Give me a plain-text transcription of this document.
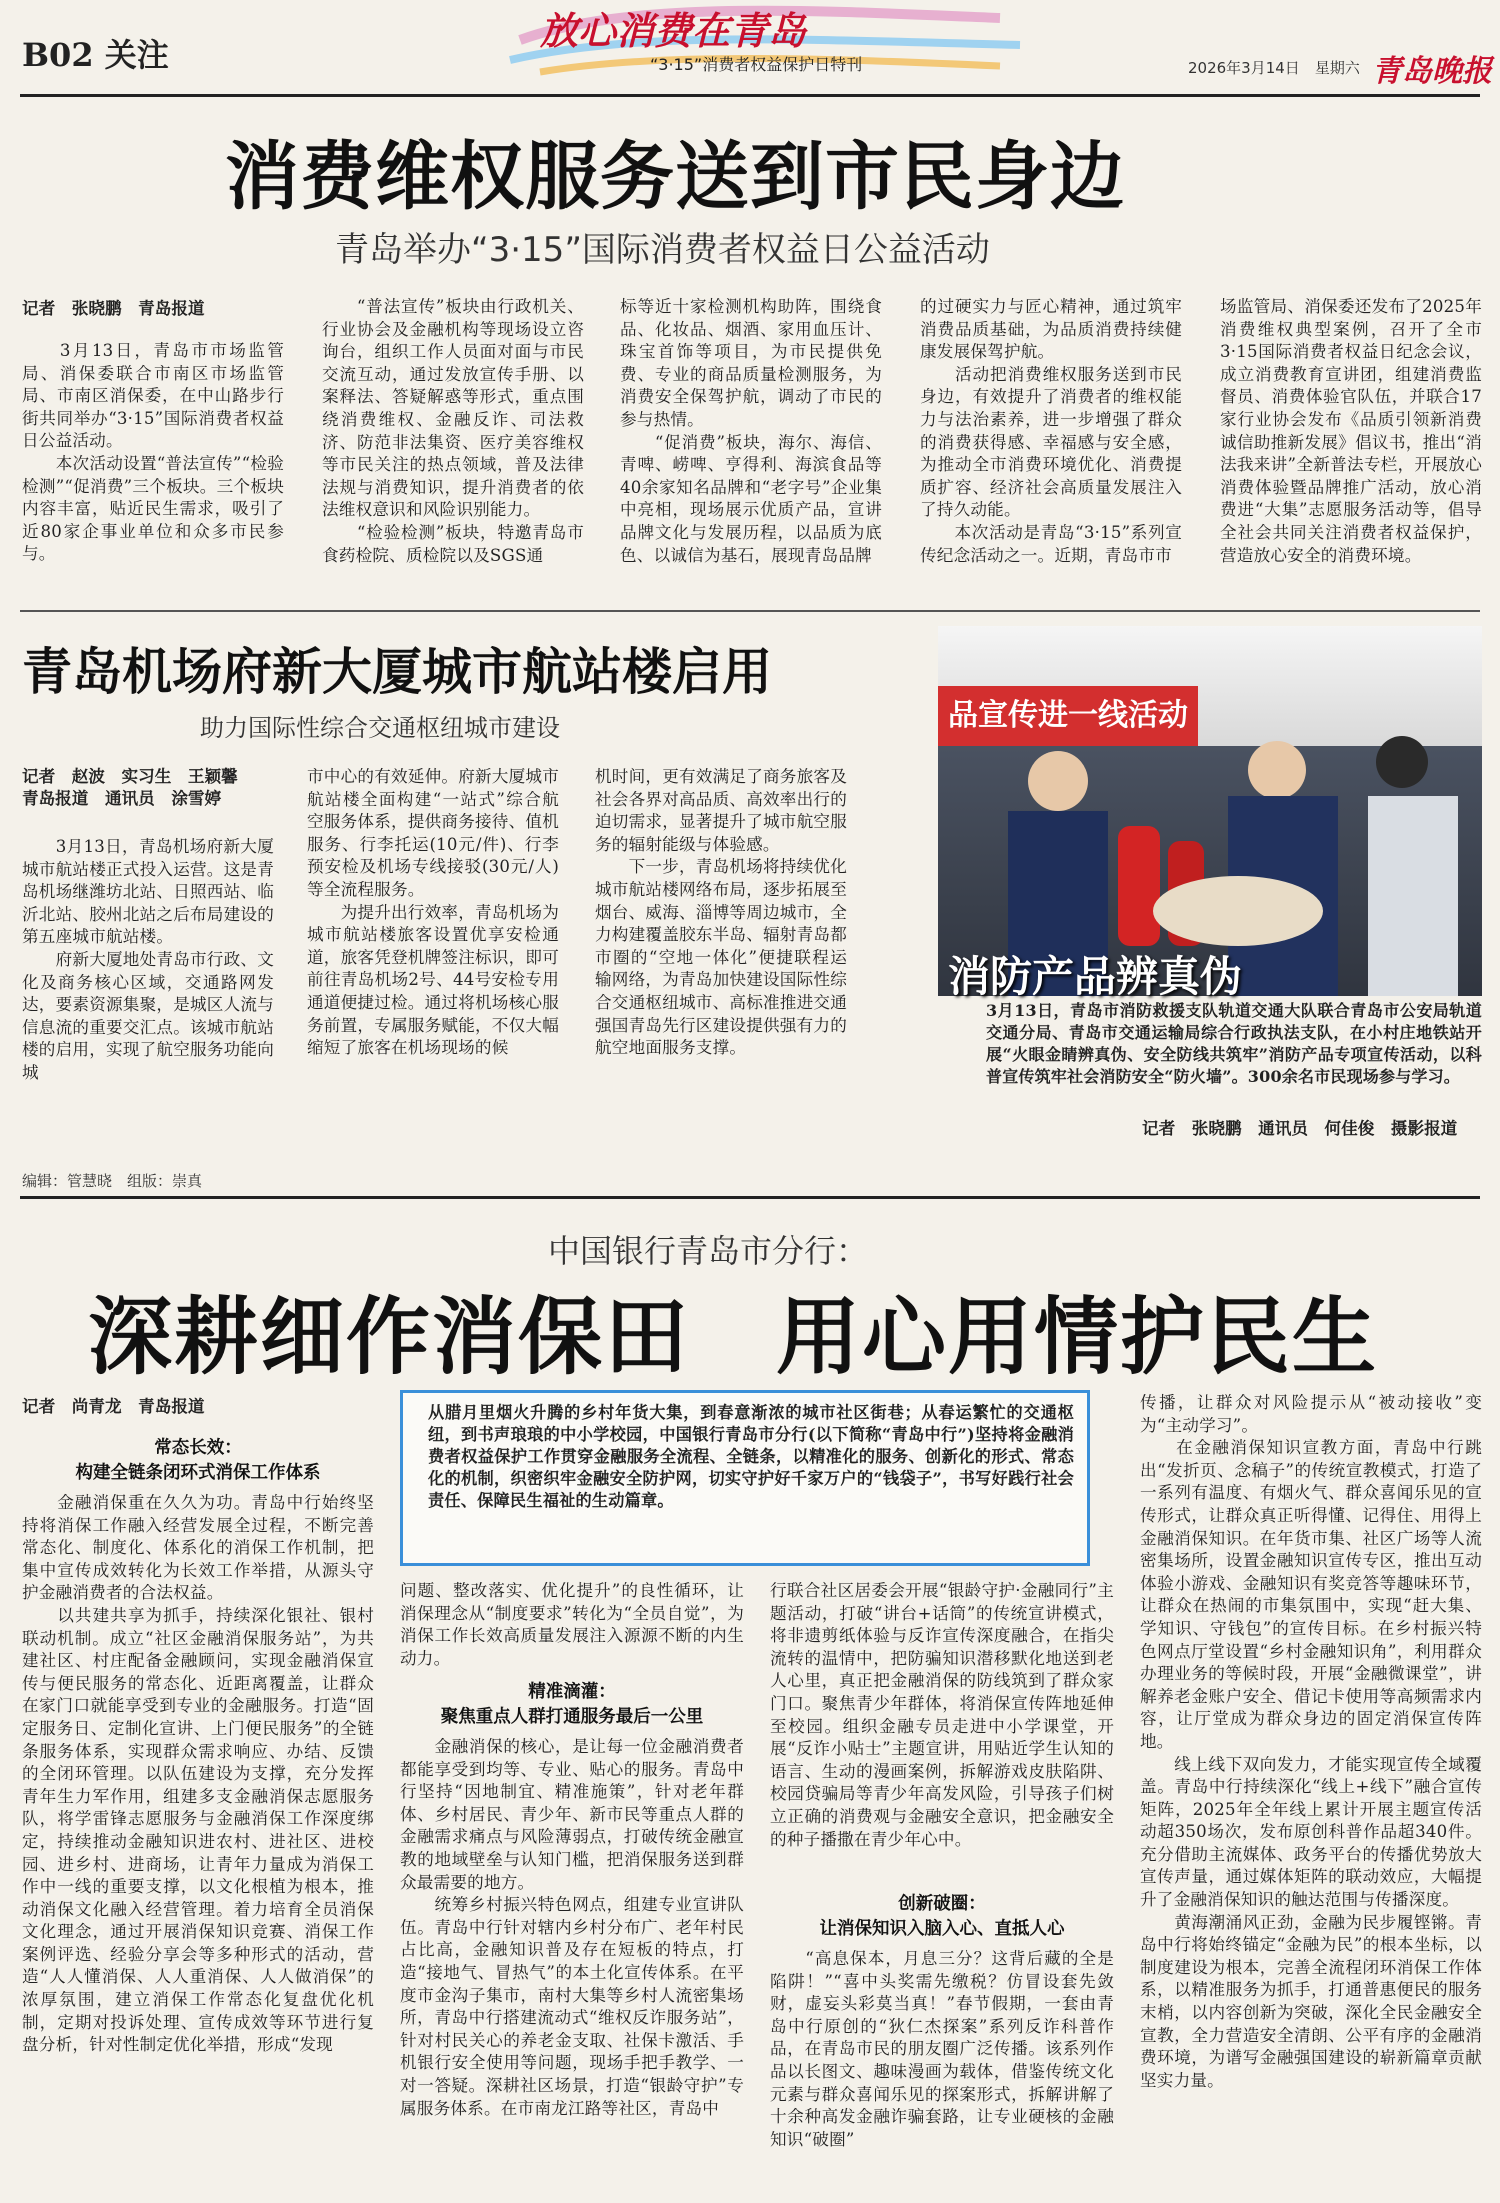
B02 关注
放心消费在青岛
“3·15”消费者权益保护日特刊	2026年3月14日　 星期六 青岛晚报
消费维权服务送到市民身边
青岛举办“3·15”国际消费者权益日公益活动
记者　张晓鹏　青岛报道
　　3月13日，青岛市市场监管局、消保委联合市南区市场监管局、市南区消保委，在中山路步行街共同举办“3·15”国际消费者权益日公益活动。
　　本次活动设置“普法宣传”“检验检测”“促消费”三个板块。三个板块内容丰富，贴近民生需求，吸引了近80家企事业单位和众多市民参与。
　　“普法宣传”板块由行政机关、行业协会及金融机构等现场设立咨询台，组织工作人员面对面与市民交流互动，通过发放宣传手册、以案释法、答疑解惑等形式，重点围绕消费维权、金融反诈、司法救济、防范非法集资、医疗美容维权等市民关注的热点领域，普及法律法规与消费知识，提升消费者的依法维权意识和风险识别能力。
　　“检验检测”板块，特邀青岛市食药检院、质检院以及SGS通
标等近十家检测机构助阵，围绕食品、化妆品、烟酒、家用血压计、珠宝首饰等项目，为市民提供免费、专业的商品质量检测服务，为消费安全保驾护航，调动了市民的参与热情。
　　“促消费”板块，海尔、海信、青啤、崂啤、亨得利、海滨食品等40余家知名品牌和“老字号”企业集中亮相，现场展示优质产品，宣讲品牌文化与发展历程，以品质为底色、以诚信为基石，展现青岛品牌
的过硬实力与匠心精神，通过筑牢消费品质基础，为品质消费持续健康发展保驾护航。
　　活动把消费维权服务送到市民身边，有效提升了消费者的维权能力与法治素养，进一步增强了群众的消费获得感、幸福感与安全感，为推动全市消费环境优化、消费提质扩容、经济社会高质量发展注入了持久动能。
　　本次活动是青岛“3·15”系列宣传纪念活动之一。近期，青岛市市
场监管局、消保委还发布了2025年消费维权典型案例，召开了全市3·15国际消费者权益日纪念会议，成立消费教育宣讲团，组建消费监督员、消费体验官队伍，并联合17家行业协会发布《品质引领新消费　诚信助推新发展》倡议书，推出“消法我来讲”全新普法专栏，开展放心消费体验暨品牌推广活动，放心消费进“大集”志愿服务活动等，倡导全社会共同关注消费者权益保护，营造放心安全的消费环境。
青岛机场府新大厦城市航站楼启用
助力国际性综合交通枢纽城市建设
记者　赵波　实习生　王颖馨
青岛报道　通讯员　涂雪婷
　　3月13日，青岛机场府新大厦城市航站楼正式投入运营。这是青岛机场继潍坊北站、日照西站、临沂北站、胶州北站之后布局建设的第五座城市航站楼。
　　府新大厦地处青岛市行政、文化及商务核心区域，交通路网发达，要素资源集聚，是城区人流与信息流的重要交汇点。该城市航站楼的启用，实现了航空服务功能向城
市中心的有效延伸。府新大厦城市航站楼全面构建“一站式”综合航空服务体系，提供商务接待、值机服务、行李托运(10元/件)、行李预安检及机场专线接驳(30元/人)等全流程服务。
　　为提升出行效率，青岛机场为城市航站楼旅客设置优享安检通道，旅客凭登机牌签注标识，即可前往青岛机场2号、44号安检专用通道便捷过检。通过将机场核心服务前置，专属服务赋能，不仅大幅缩短了旅客在机场现场的候
机时间，更有效满足了商务旅客及社会各界对高品质、高效率出行的迫切需求，显著提升了城市航空服务的辐射能级与体验感。
　　下一步，青岛机场将持续优化城市航站楼网络布局，逐步拓展至烟台、威海、淄博等周边城市，全力构建覆盖胶东半岛、辐射青岛都市圈的“空地一体化”便捷联程运输网络，为青岛加快建设国际性综合交通枢纽城市、高标准推进交通强国青岛先行区建设提供强有力的航空地面服务支撑。
品宣传进一线活动
消防产品辨真伪
3月13日，青岛市消防救援支队轨道交通大队联合青岛市公安局轨道交通分局、青岛市交通运输局综合行政执法支队，在小村庄地铁站开展“火眼金睛辨真伪、安全防线共筑牢”消防产品专项宣传活动，以科普宣传筑牢社会消防安全“防火墙”。300余名市民现场参与学习。
记者　张晓鹏　通讯员　何佳俊　摄影报道
编辑：管慧晓　组版：崇真
中国银行青岛市分行：
深耕细作消保田　用心用情护民生
记者　尚青龙　青岛报道
常态长效：
构建全链条闭环式消保工作体系
　　金融消保重在久久为功。青岛中行始终坚持将消保工作融入经营发展全过程，不断完善常态化、制度化、体系化的消保工作机制，把集中宣传成效转化为长效工作举措，从源头守护金融消费者的合法权益。
　　以共建共享为抓手，持续深化银社、银村联动机制。成立“社区金融消保服务站”，为共建社区、村庄配备金融顾问，实现金融消保宣传与便民服务的常态化、近距离覆盖，让群众在家门口就能享受到专业的金融服务。打造“固定服务日、定制化宣讲、上门便民服务”的全链条服务体系，实现群众需求响应、办结、反馈的全闭环管理。以队伍建设为支撑，充分发挥青年生力军作用，组建多支金融消保志愿服务队，将学雷锋志愿服务与金融消保工作深度绑定，持续推动金融知识进农村、进社区、进校园、进乡村、进商场，让青年力量成为消保工作中一线的重要支撑，以文化根植为根本，推动消保文化融入经营管理。着力培育全员消保文化理念，通过开展消保知识竞赛、消保工作案例评选、经验分享会等多种形式的活动，营造“人人懂消保、人人重消保、人人做消保”的浓厚氛围，建立消保工作常态化复盘优化机制，定期对投诉处理、宣传成效等环节进行复盘分析，针对性制定优化举措，形成“发现
从腊月里烟火升腾的乡村年货大集，到春意渐浓的城市社区街巷；从春运繁忙的交通枢纽，到书声琅琅的中小学校园，中国银行青岛市分行(以下简称“青岛中行”)坚持将金融消费者权益保护工作贯穿金融服务全流程、全链条，以精准化的服务、创新化的形式、常态化的机制，织密织牢金融安全防护网，切实守护好千家万户的“钱袋子”，书写好践行社会责任、保障民生福祉的生动篇章。
问题、整改落实、优化提升”的良性循环，让消保理念从“制度要求”转化为“全员自觉”，为消保工作长效高质量发展注入源源不断的内生动力。
精准滴灌：
聚焦重点人群打通服务最后一公里
　　金融消保的核心，是让每一位金融消费者都能享受到均等、专业、贴心的服务。青岛中行坚持“因地制宜、精准施策”，针对老年群体、乡村居民、青少年、新市民等重点人群的金融需求痛点与风险薄弱点，打破传统金融宣教的地域壁垒与认知门槛，把消保服务送到群众最需要的地方。
　　统筹乡村振兴特色网点，组建专业宣讲队伍。青岛中行针对辖内乡村分布广、老年村民占比高，金融知识普及存在短板的特点，打造“接地气、冒热气”的本土化宣传体系。在平度市金沟子集市，南村大集等乡村人流密集场所，青岛中行搭建流动式“维权反诈服务站”，针对村民关心的养老金支取、社保卡激活、手机银行安全使用等问题，现场手把手教学、一对一答疑。深耕社区场景，打造“银龄守护”专属服务体系。在市南龙江路等社区，青岛中
行联合社区居委会开展“银龄守护·金融同行”主题活动，打破“讲台+话筒”的传统宣讲模式，将非遗剪纸体验与反诈宣传深度融合，在指尖流转的温情中，把防骗知识潜移默化地送到老人心里，真正把金融消保的防线筑到了群众家门口。聚焦青少年群体，将消保宣传阵地延伸至校园。组织金融专员走进中小学课堂，开展“反诈小贴士”主题宣讲，用贴近学生认知的语言、生动的漫画案例，拆解游戏皮肤陷阱、校园贷骗局等青少年高发风险，引导孩子们树立正确的消费观与金融安全意识，把金融安全的种子播撒在青少年心中。
创新破圈：
让消保知识入脑入心、直抵人心
　　“高息保本，月息三分？这背后藏的全是陷阱！”“喜中头奖需先缴税？仿冒设套先敛财，虚妄头彩莫当真！”春节假期，一套由青岛中行原创的“狄仁杰探案”系列反诈科普作品，在青岛市民的朋友圈广泛传播。该系列作品以长图文、趣味漫画为载体，借鉴传统文化元素与群众喜闻乐见的探案形式，拆解讲解了十余种高发金融诈骗套路，让专业硬核的金融知识“破圈”
传播，让群众对风险提示从“被动接收”变为“主动学习”。
　　在金融消保知识宣教方面，青岛中行跳出“发折页、念稿子”的传统宣教模式，打造了一系列有温度、有烟火气、群众喜闻乐见的宣传形式，让群众真正听得懂、记得住、用得上金融消保知识。在年货市集、社区广场等人流密集场所，设置金融知识宣传专区，推出互动体验小游戏、金融知识有奖竞答等趣味环节，让群众在热闹的市集氛围中，实现“赶大集、学知识、守钱包”的宣传目标。在乡村振兴特色网点厅堂设置“乡村金融知识角”，利用群众办理业务的等候时段，开展“金融微课堂”，讲解养老金账户安全、借记卡使用等高频需求内容，让厅堂成为群众身边的固定消保宣传阵地。
　　线上线下双向发力，才能实现宣传全域覆盖。青岛中行持续深化“线上+线下”融合宣传矩阵，2025年全年线上累计开展主题宣传活动超350场次，发布原创科普作品超340件。充分借助主流媒体、政务平台的传播优势放大宣传声量，通过媒体矩阵的联动效应，大幅提升了金融消保知识的触达范围与传播深度。
　　黄海潮涌风正劲，金融为民步履铿锵。青岛中行将始终锚定“金融为民”的根本坐标，以制度建设为根本，完善全流程闭环消保工作体系，以精准服务为抓手，打通普惠便民的服务末梢，以内容创新为突破，深化全民金融安全宣教，全力营造安全清朗、公平有序的金融消费环境，为谱写金融强国建设的崭新篇章贡献坚实力量。
